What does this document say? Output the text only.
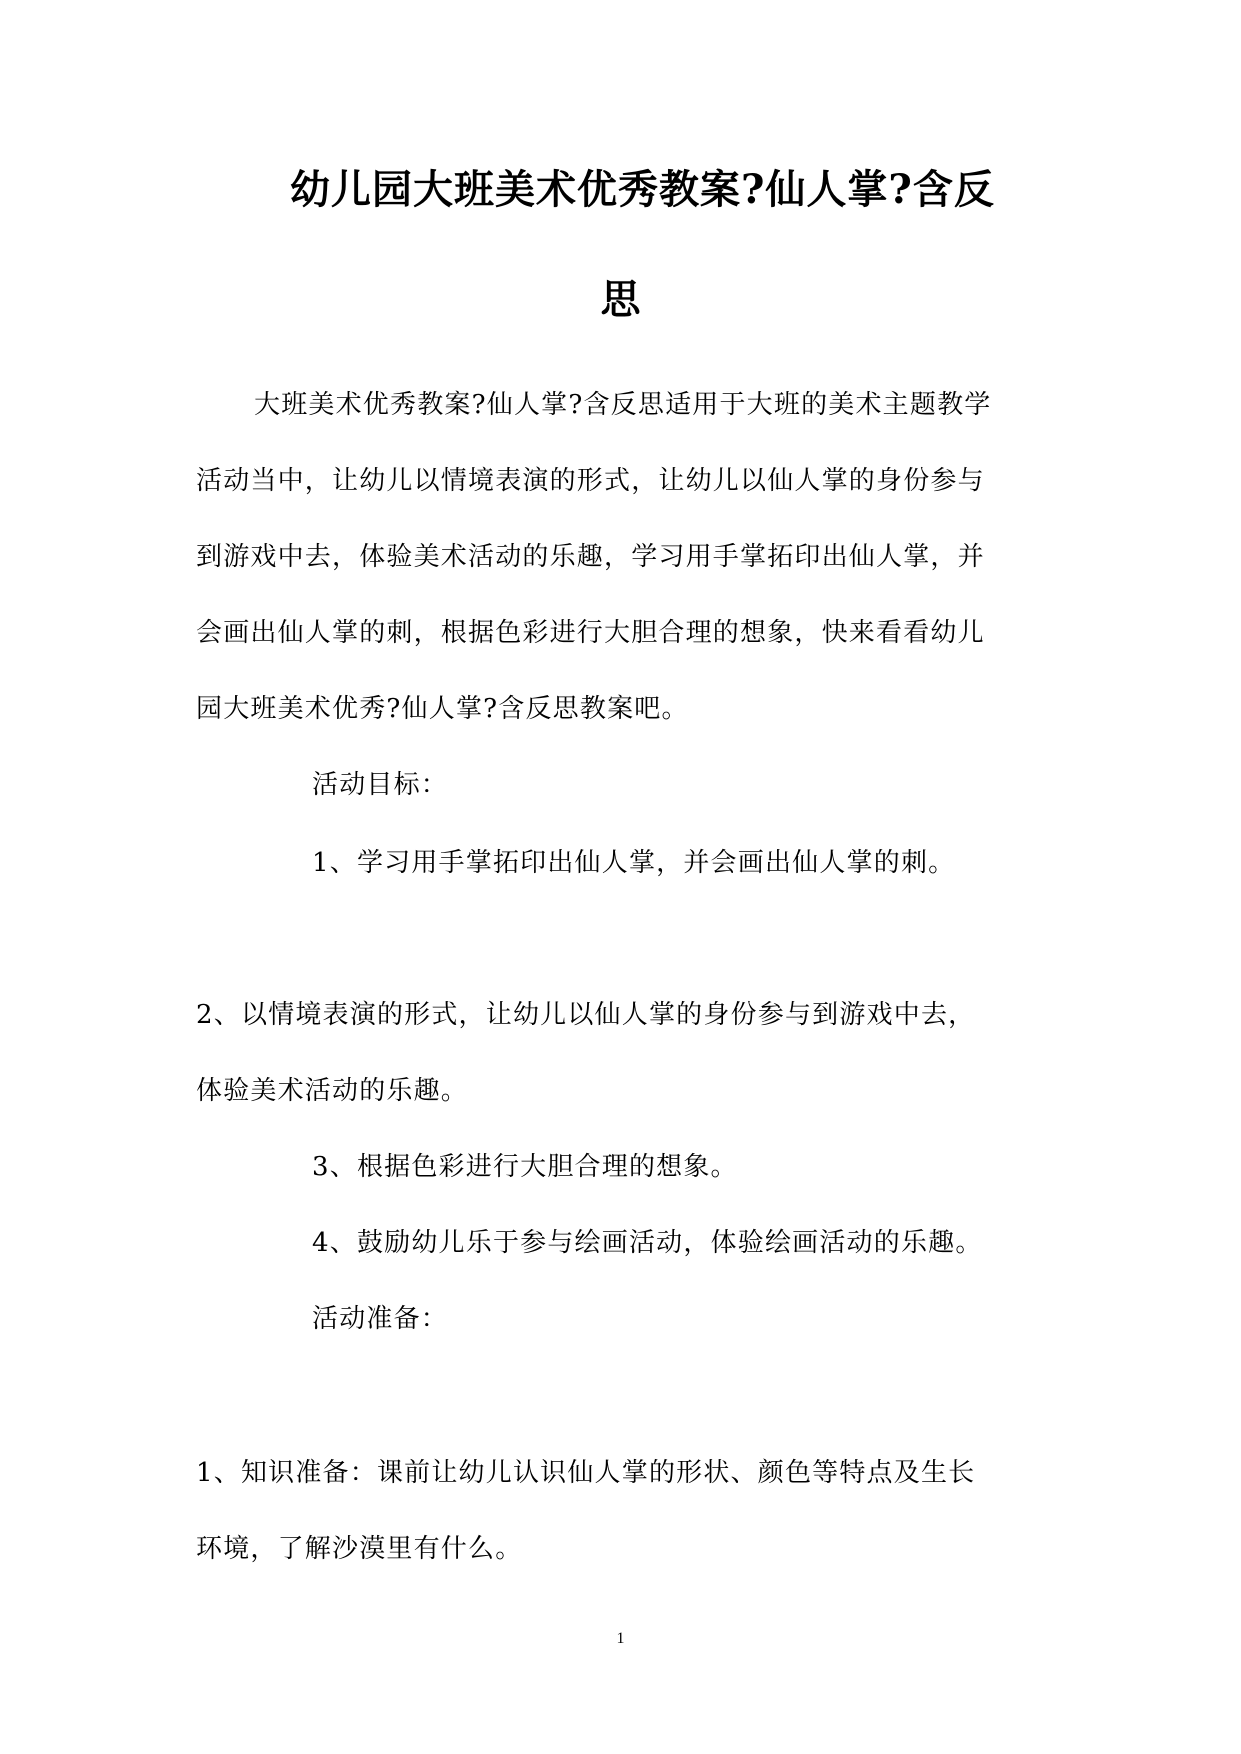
幼儿园大班美术优秀教案?仙人掌?含反
思
大班美术优秀教案?仙人掌?含反思适用于大班的美术主题教学
活动当中，让幼儿以情境表演的形式，让幼儿以仙人掌的身份参与
到游戏中去，体验美术活动的乐趣，学习用手掌拓印出仙人掌，并
会画出仙人掌的刺，根据色彩进行大胆合理的想象，快来看看幼儿
园大班美术优秀?仙人掌?含反思教案吧。
活动目标：
1、学习用手掌拓印出仙人掌，并会画出仙人掌的刺。
2、以情境表演的形式，让幼儿以仙人掌的身份参与到游戏中去，
体验美术活动的乐趣。
3、根据色彩进行大胆合理的想象。
4、鼓励幼儿乐于参与绘画活动，体验绘画活动的乐趣。
活动准备：
1、知识准备：课前让幼儿认识仙人掌的形状、颜色等特点及生长
环境，了解沙漠里有什么。
1
